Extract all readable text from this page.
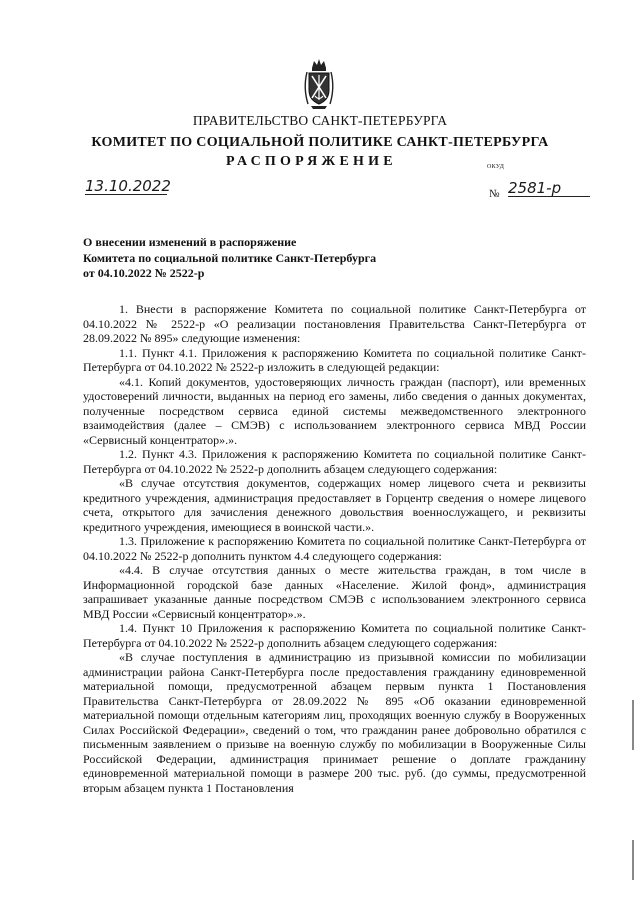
ПРАВИТЕЛЬСТВО САНКТ-ПЕТЕРБУРГА
КОМИТЕТ ПО СОЦИАЛЬНОЙ ПОЛИТИКЕ САНКТ-ПЕТЕРБУРГА
РАСПОРЯЖЕНИЕ	ОКУД
13.10.2022	№ 2581-р
О внесении изменений в распоряжение
Комитета по социальной политике Санкт-Петербурга
от 04.10.2022 № 2522-р

1. Внести в распоряжение Комитета по социальной политике Санкт-Петербурга от 04.10.2022 № 2522-р «О реализации постановления Правительства Санкт-Петербурга от 28.09.2022 № 895» следующие изменения:

1.1. Пункт 4.1. Приложения к распоряжению Комитета по социальной политике Санкт-Петербурга от 04.10.2022 № 2522-р изложить в следующей редакции:

«4.1. Копий документов, удостоверяющих личность граждан (паспорт), или временных удостоверений личности, выданных на период его замены, либо сведения о данных документах, полученные посредством сервиса единой системы межведомственного электронного взаимодействия (далее – СМЭВ) с использованием электронного сервиса МВД России «Сервисный концентратор».».

1.2. Пункт 4.3. Приложения к распоряжению Комитета по социальной политике Санкт-Петербурга от 04.10.2022 № 2522-р дополнить абзацем следующего содержания:

«В случае отсутствия документов, содержащих номер лицевого счета и реквизиты кредитного учреждения, администрация предоставляет в Горцентр сведения о номере лицевого счета, открытого для зачисления денежного довольствия военнослужащего, и реквизиты кредитного учреждения, имеющиеся в воинской части.».

1.3. Приложение к распоряжению Комитета по социальной политике Санкт-Петербурга от 04.10.2022 № 2522-р дополнить пунктом 4.4 следующего содержания:

«4.4. В случае отсутствия данных о месте жительства граждан, в том числе в Информационной городской базе данных «Население. Жилой фонд», администрация запрашивает указанные данные посредством СМЭВ с использованием электронного сервиса МВД России «Сервисный концентратор».».

1.4. Пункт 10 Приложения к распоряжению Комитета по социальной политике Санкт-Петербурга от 04.10.2022 № 2522-р дополнить абзацем следующего содержания:

«В случае поступления в администрацию из призывной комиссии по мобилизации администрации района Санкт-Петербурга после предоставления гражданину единовременной материальной помощи, предусмотренной абзацем первым пункта 1 Постановления Правительства Санкт-Петербурга от 28.09.2022 № 895 «Об оказании единовременной материальной помощи отдельным категориям лиц, проходящих военную службу в Вооруженных Силах Российской Федерации», сведений о том, что гражданин ранее добровольно обратился с письменным заявлением о призыве на военную службу по мобилизации в Вооруженные Силы Российской Федерации, администрация принимает решение о доплате гражданину единовременной материальной помощи в размере 200 тыс. руб. (до суммы, предусмотренной вторым абзацем пункта 1 Постановления
